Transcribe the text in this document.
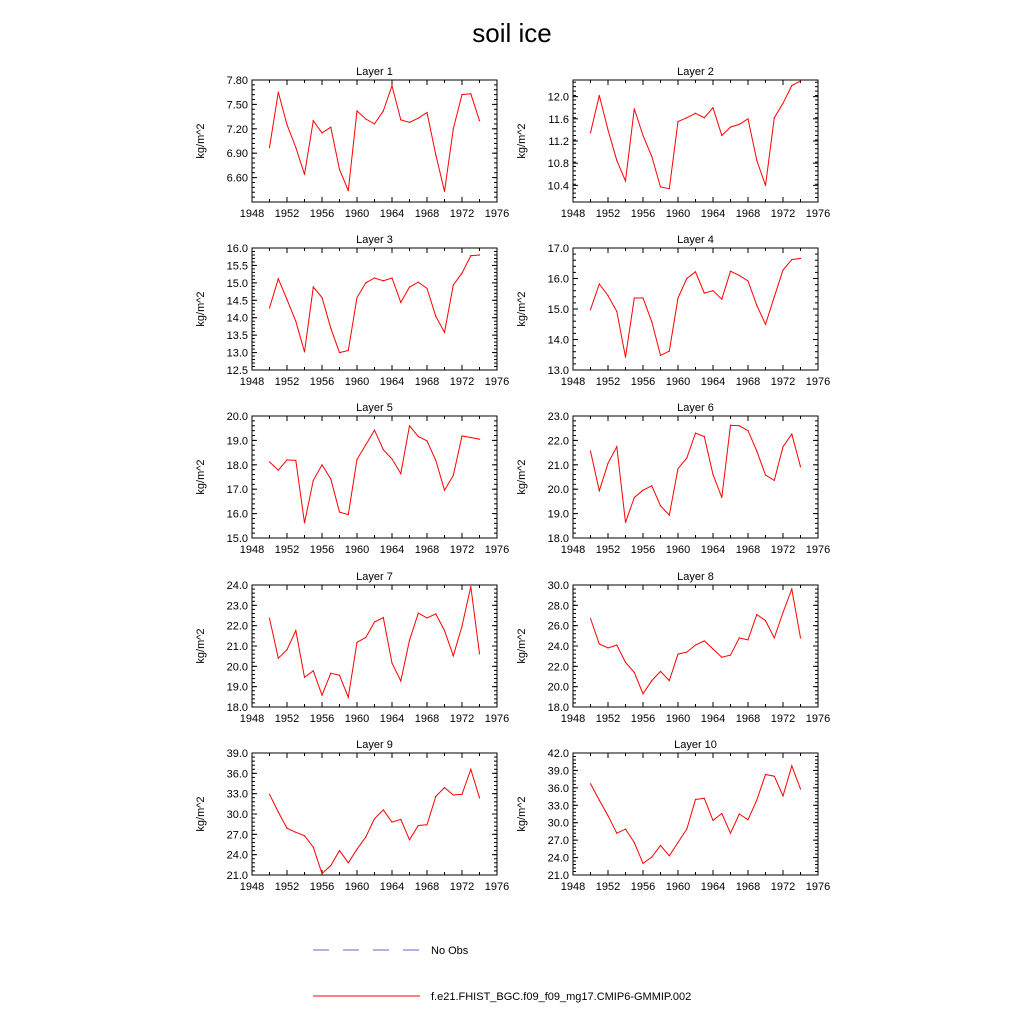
soil ice
Layer 1
kg/m^2
1948 1952 1956 1960 1964 1968 1972 1976
6.60
6.90
7.20
7.50
7.80
Layer 2
kg/m^2
1948 1952 1956 1960 1964 1968 1972 1976
10.4
10.8
11.2
11.6
12.0
Layer 3
kg/m^2
1948 1952 1956 1960 1964 1968 1972 1976
12.5
13.0
13.5
14.0
14.5
15.0
15.5
16.0
Layer 4
kg/m^2
1948 1952 1956 1960 1964 1968 1972 1976
13.0
14.0
15.0
16.0
17.0
Layer 5
kg/m^2
1948 1952 1956 1960 1964 1968 1972 1976
15.0
16.0
17.0
18.0
19.0
20.0
Layer 6
kg/m^2
1948 1952 1956 1960 1964 1968 1972 1976
18.0
19.0
20.0
21.0
22.0
23.0
Layer 7
kg/m^2
1948 1952 1956 1960 1964 1968 1972 1976
18.0
19.0
20.0
21.0
22.0
23.0
24.0
Layer 8
kg/m^2
1948 1952 1956 1960 1964 1968 1972 1976
18.0
20.0
22.0
24.0
26.0
28.0
30.0
Layer 9
kg/m^2
1948 1952 1956 1960 1964 1968 1972 1976
21.0
24.0
27.0
30.0
33.0
36.0
39.0
Layer 10
kg/m^2
1948 1952 1956 1960 1964 1968 1972 1976
21.0
24.0
27.0
30.0
33.0
36.0
39.0
42.0
No Obs
f.e21.FHIST_BGC.f09_f09_mg17.CMIP6-GMMIP.002
